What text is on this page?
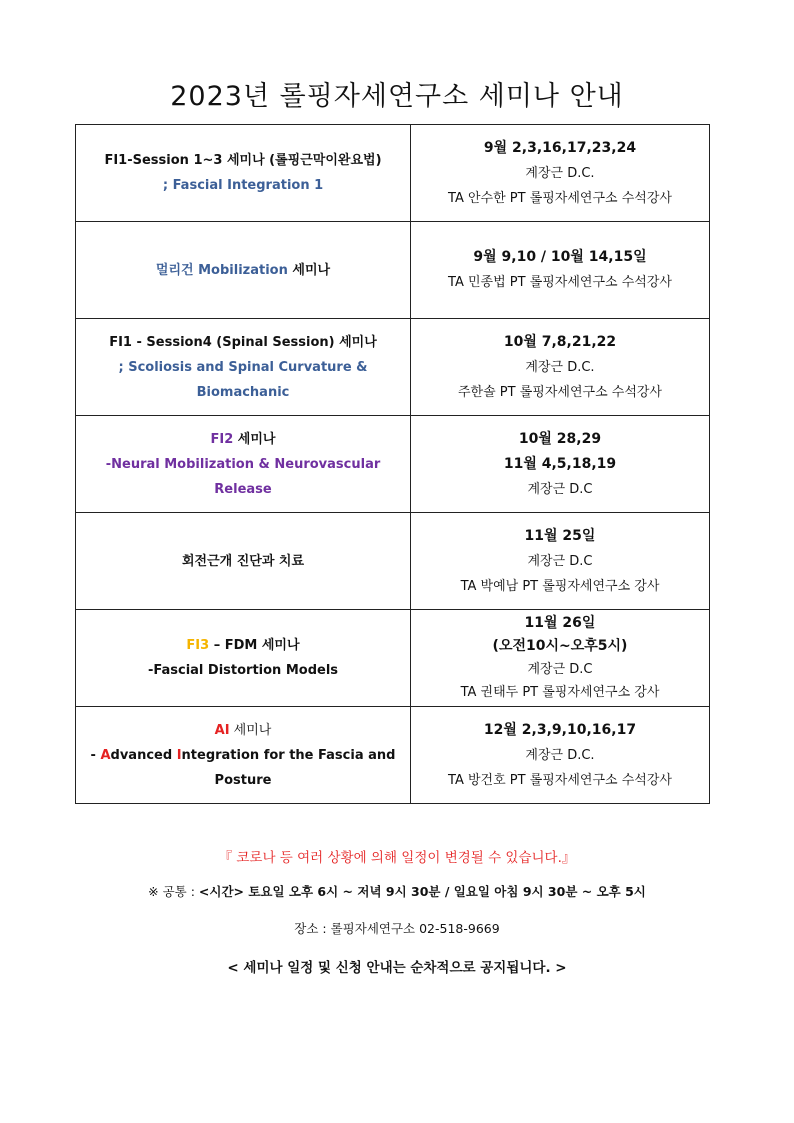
2023년 롤핑자세연구소 세미나 안내
FI1-Session 1~3 세미나 (롤핑근막이완요법)
; Fascial Integration 1	9월 2,3,16,17,23,24
계장근 D.C.
TA 안수한 PT 롤핑자세연구소 수석강사

멀리건 Mobilization 세미나	9월 9,10 / 10월 14,15일
TA 민종법 PT 롤핑자세연구소 수석강사

FI1 - Session4 (Spinal Session) 세미나
; Scoliosis and Spinal Curvature &
Biomachanic	10월 7,8,21,22
계장근 D.C.
주한솔 PT 롤핑자세연구소 수석강사

FI2 세미나
-Neural Mobilization & Neurovascular Release	10월 28,29
11월 4,5,18,19
계장근 D.C

회전근개 진단과 치료	11월 25일
계장근 D.C
TA 박예남 PT 롤핑자세연구소 강사

FI3 – FDM 세미나
-Fascial Distortion Models	11월 26일
(오전10시~오후5시)
계장근 D.C
TA 권태두 PT 롤핑자세연구소 강사

AI 세미나
- Advanced Integration for the Fascia and
Posture	12월 2,3,9,10,16,17
계장근 D.C.
TA 방건호 PT 롤핑자세연구소 수석강사
『 코로나 등 여러 상황에 의해 일정이 변경될 수 있습니다.』
※ 공통 : <시간> 토요일 오후 6시 ~ 저녁 9시 30분 / 일요일 아침 9시 30분 ~ 오후 5시
장소 : 롤핑자세연구소 02-518-9669
< 세미나 일정 및 신청 안내는 순차적으로 공지됩니다. >
